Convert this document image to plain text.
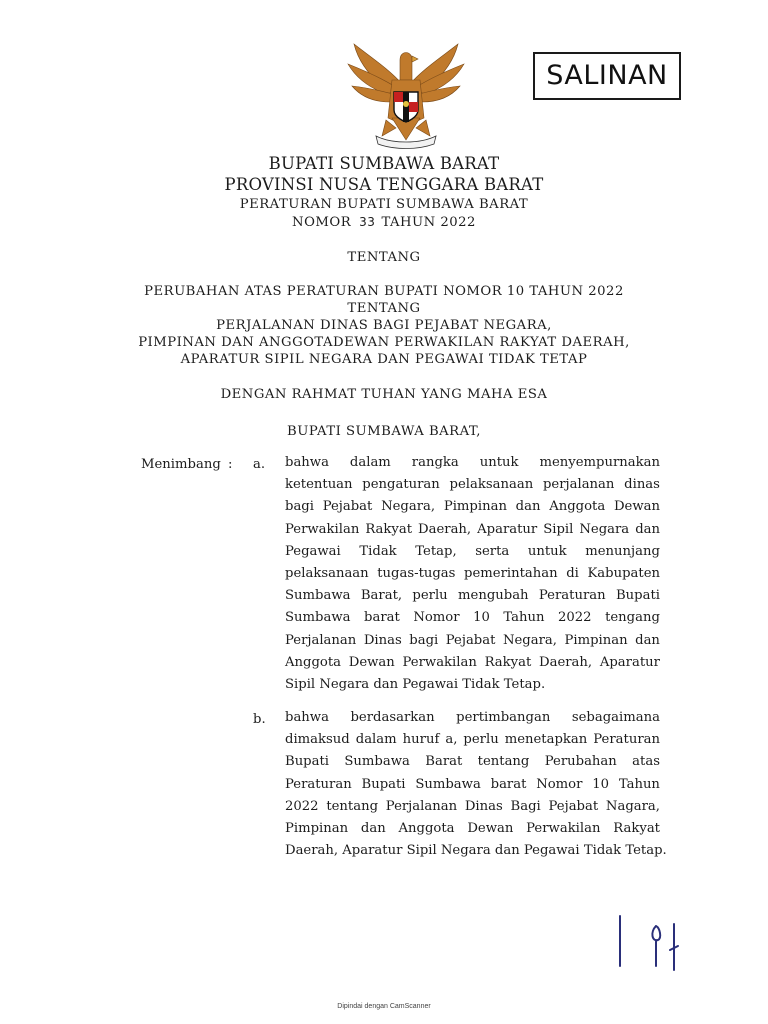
SALINAN
BUPATI SUMBAWA BARAT
PROVINSI NUSA TENGGARA BARAT
PERATURAN BUPATI SUMBAWA BARAT
NOMOR 33 TAHUN 2022
TENTANG
PERUBAHAN ATAS PERATURAN BUPATI NOMOR 10 TAHUN 2022
TENTANG
PERJALANAN DINAS BAGI PEJABAT NEGARA,
PIMPINAN DAN ANGGOTADEWAN PERWAKILAN RAKYAT DAERAH,
APARATUR SIPIL NEGARA DAN PEGAWAI TIDAK TETAP
DENGAN RAHMAT TUHAN YANG MAHA ESA
BUPATI SUMBAWA BARAT,
Menimbang : a. bahwa dalam rangka untuk menyempurnakan
ketentuan pengaturan pelaksanaan perjalanan dinas
bagi Pejabat Negara, Pimpinan dan Anggota Dewan
Perwakilan Rakyat Daerah, Aparatur Sipil Negara dan
Pegawai Tidak Tetap, serta untuk menunjang
pelaksanaan tugas-tugas pemerintahan di Kabupaten
Sumbawa Barat, perlu mengubah Peraturan Bupati
Sumbawa barat Nomor 10 Tahun 2022 tengang
Perjalanan Dinas bagi Pejabat Negara, Pimpinan dan
Anggota Dewan Perwakilan Rakyat Daerah, Aparatur
Sipil Negara dan Pegawai Tidak Tetap.
b. bahwa berdasarkan pertimbangan sebagaimana
dimaksud dalam huruf a, perlu menetapkan Peraturan
Bupati Sumbawa Barat tentang Perubahan atas
Peraturan Bupati Sumbawa barat Nomor 10 Tahun
2022 tentang Perjalanan Dinas Bagi Pejabat Nagara,
Pimpinan dan Anggota Dewan Perwakilan Rakyat
Daerah, Aparatur Sipil Negara dan Pegawai Tidak Tetap.
Dipindai dengan CamScanner
